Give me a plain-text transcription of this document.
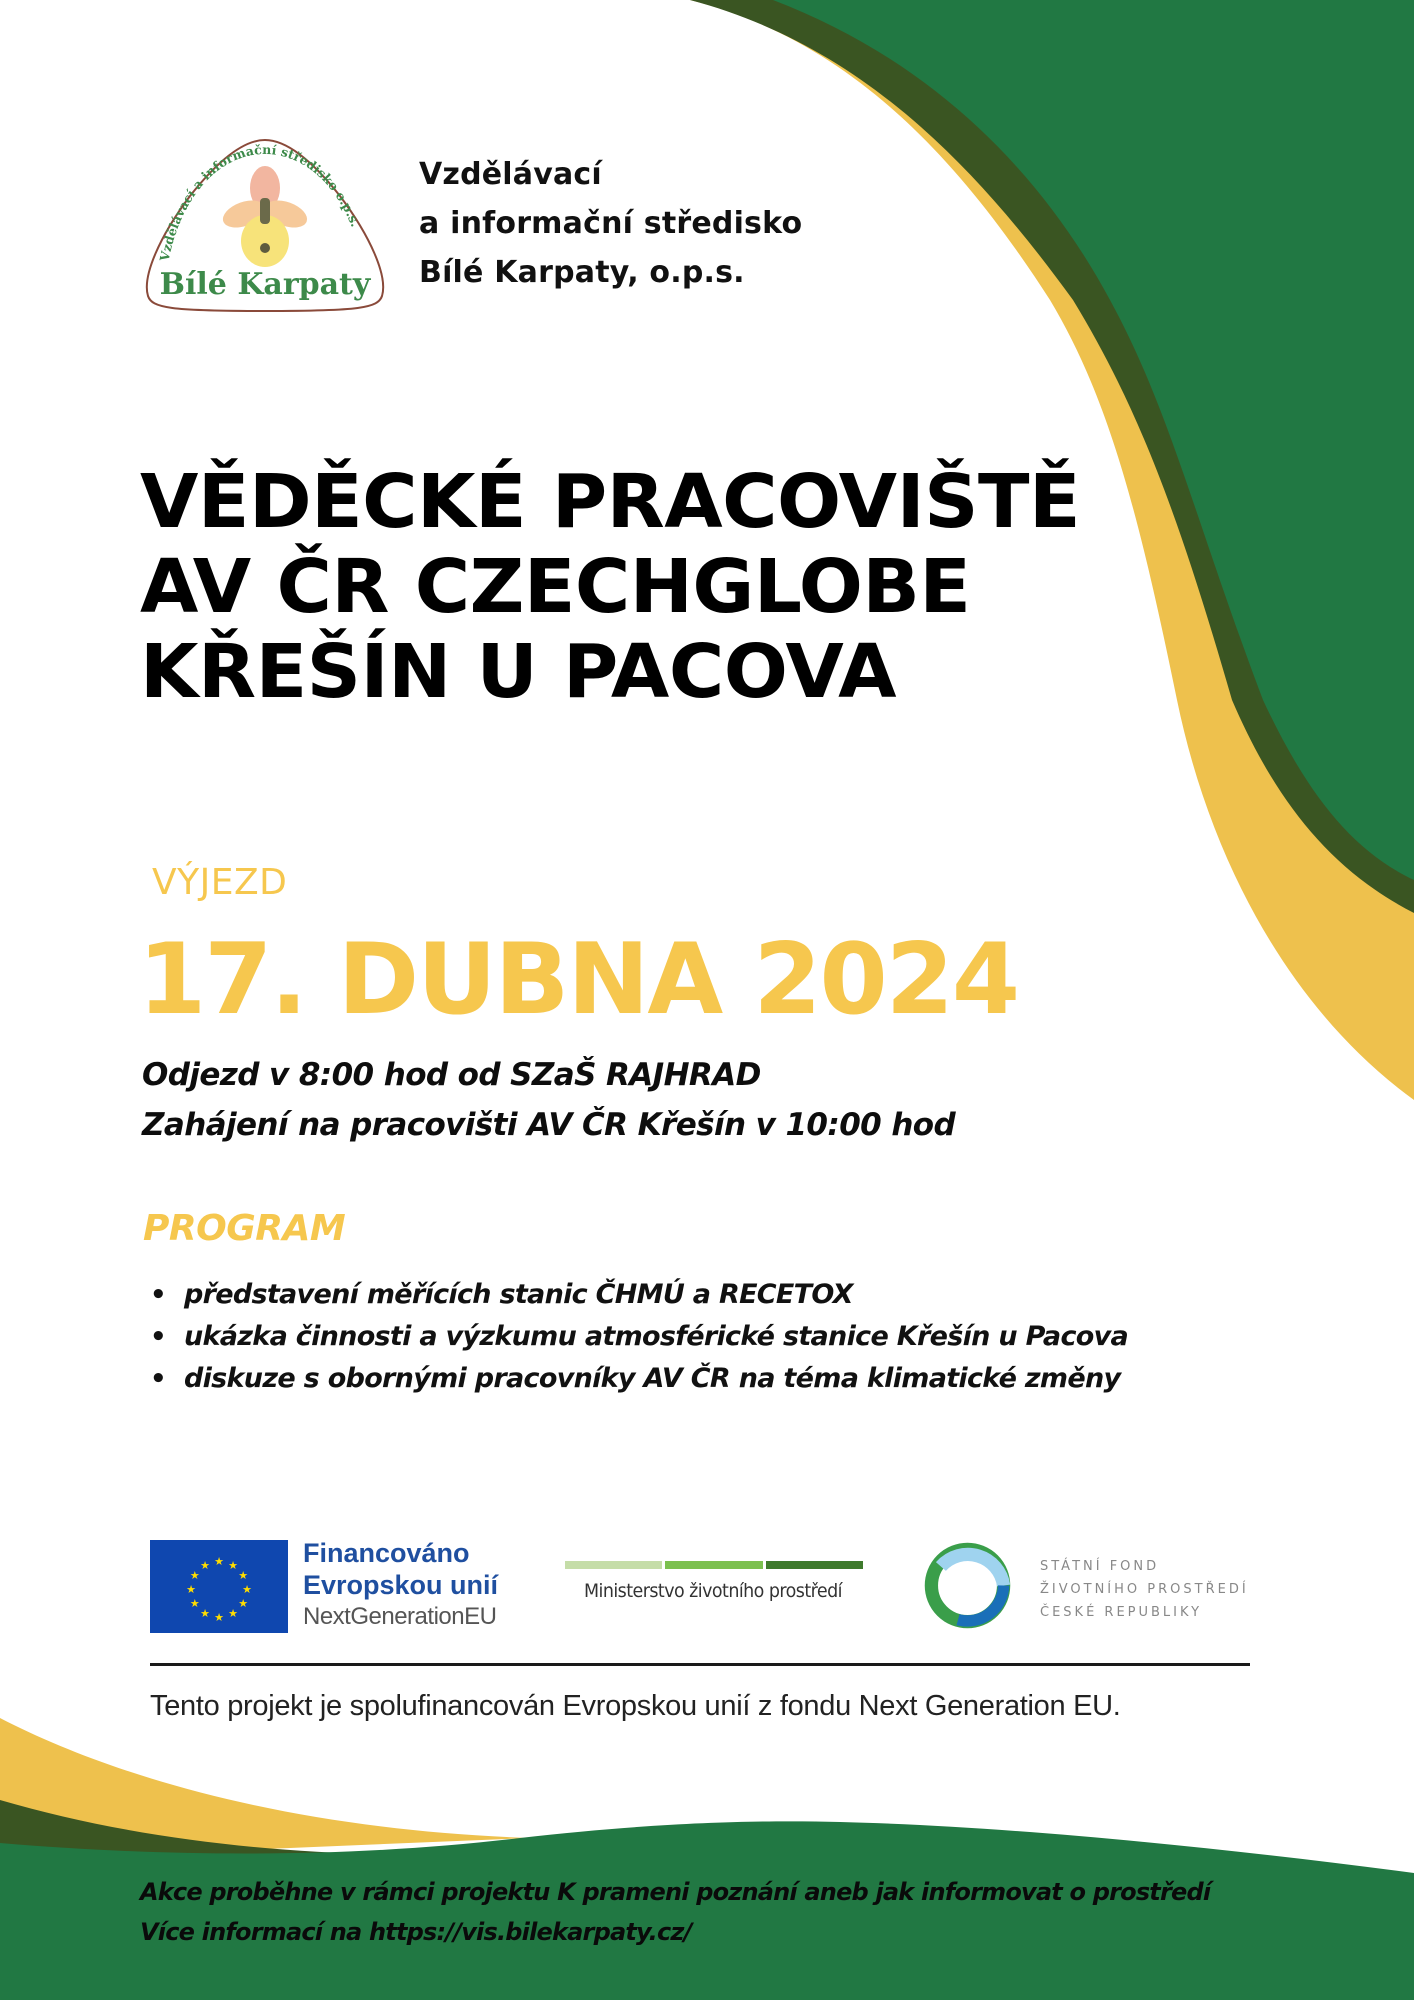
Vzdělávací a informační středisko o.p.s.
Bílé Karpaty
Vzdělávací
a informační středisko
Bílé Karpaty, o.p.s.
VĚDĚCKÉ PRACOVIŠTĚ
AV ČR CZECHGLOBE
KŘEŠÍN U PACOVA
VÝJEZD
17. DUBNA 2024
Odjezd v 8:00 hod od SZaŠ RAJHRAD
Zahájení na pracovišti AV ČR Křešín v 10:00 hod
PROGRAM
• představení měřících stanic ČHMÚ a RECETOX
• ukázka činnosti a výzkumu atmosférické stanice Křešín u Pacova
• diskuze s obornými pracovníky AV ČR na téma klimatické změny
★ ★
★
★
★
★
★
★
★
★
★
★	Financováno
Evropskou unií
NextGenerationEU
Ministerstvo životního prostředí
STÁTNÍ FOND
ŽIVOTNÍHO PROSTŘEDÍ
ČESKÉ REPUBLIKY
Tento projekt je spolufinancován Evropskou unií z fondu Next Generation EU.
Akce proběhne v rámci projektu K prameni poznání aneb jak informovat o prostředí
Více informací na https://vis.bilekarpaty.cz/
